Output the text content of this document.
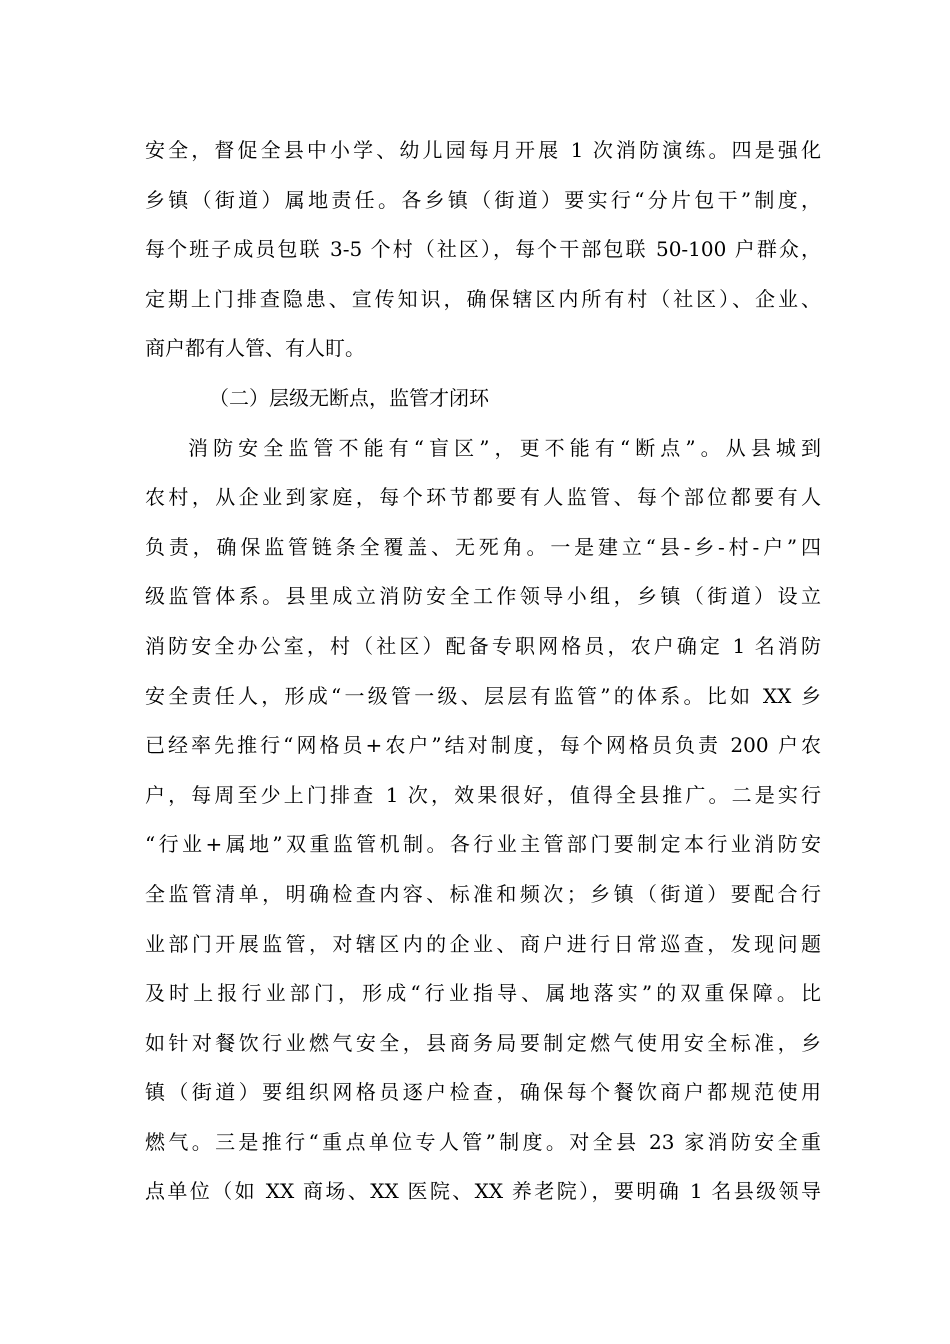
安全，督促全县中小学、幼儿园每月开展 1 次消防演练。四是强化
乡镇（街道）属地责任。各乡镇（街道）要实行“分片包干”制度，
每个班子成员包联 3-5 个村（社区），每个干部包联 50-100 户群众，
定期上门排查隐患、宣传知识，确保辖区内所有村（社区）、企业、
商户都有人管、有人盯。
（二）层级无断点，监管才闭环
消防安全监管不能有“盲区”，更不能有“断点”。从县城到
农村，从企业到家庭，每个环节都要有人监管、每个部位都要有人
负责，确保监管链条全覆盖、无死角。一是建立“县-乡-村-户”四
级监管体系。县里成立消防安全工作领导小组，乡镇（街道）设立
消防安全办公室，村（社区）配备专职网格员，农户确定 1 名消防
安全责任人，形成“一级管一级、层层有监管”的体系。比如 XX 乡
已经率先推行“网格员+农户”结对制度，每个网格员负责 200 户农
户，每周至少上门排查 1 次，效果很好，值得全县推广。二是实行
“行业+属地”双重监管机制。各行业主管部门要制定本行业消防安
全监管清单，明确检查内容、标准和频次；乡镇（街道）要配合行
业部门开展监管，对辖区内的企业、商户进行日常巡查，发现问题
及时上报行业部门，形成“行业指导、属地落实”的双重保障。比
如针对餐饮行业燃气安全，县商务局要制定燃气使用安全标准，乡
镇（街道）要组织网格员逐户检查，确保每个餐饮商户都规范使用
燃气。三是推行“重点单位专人管”制度。对全县 23 家消防安全重
点单位（如 XX 商场、XX 医院、XX 养老院），要明确 1 名县级领导
